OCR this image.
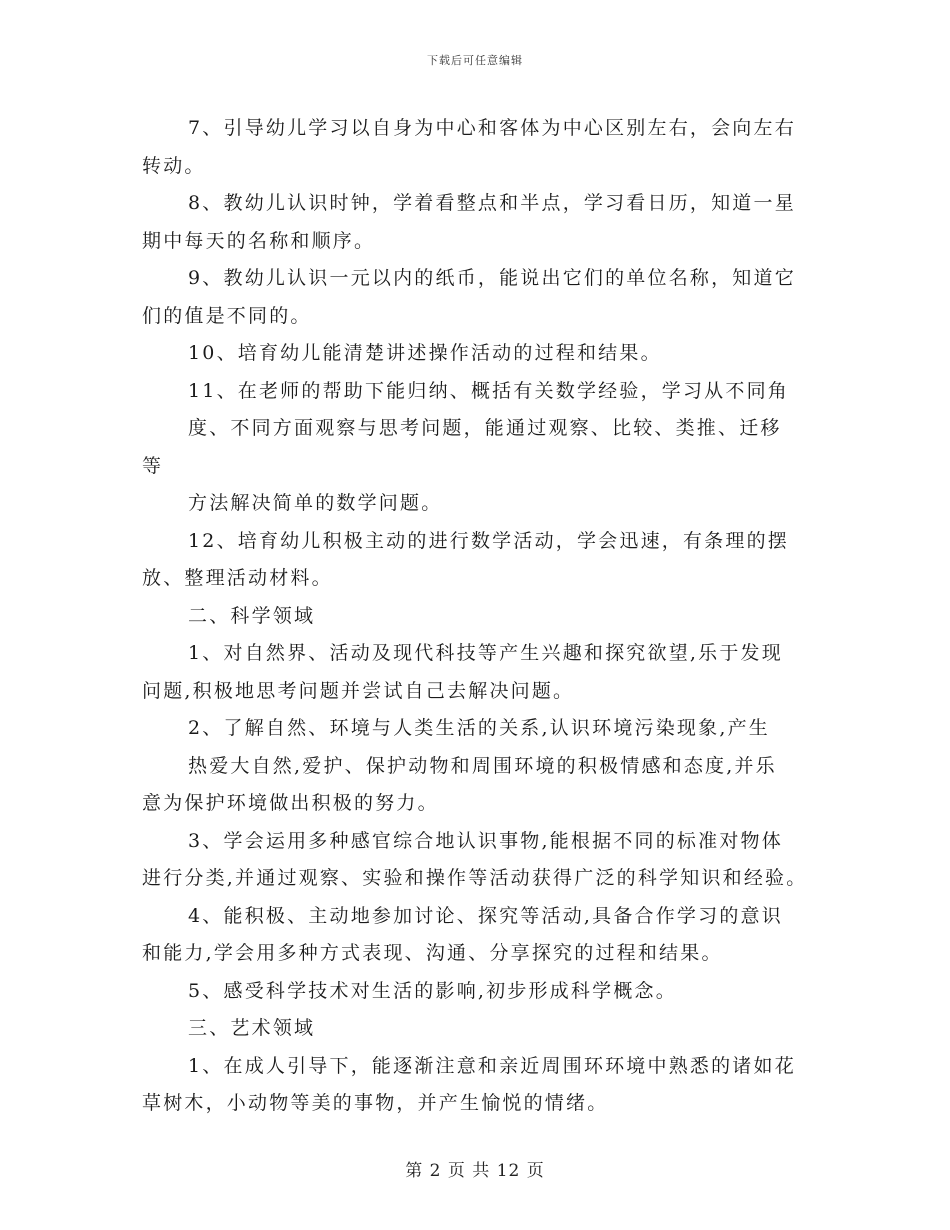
下载后可任意编辑
7、引导幼儿学习以自身为中心和客体为中心区别左右，会向左右
转动。
8、教幼儿认识时钟，学着看整点和半点，学习看日历，知道一星
期中每天的名称和顺序。
9、教幼儿认识一元以内的纸币，能说出它们的单位名称，知道它
们的值是不同的。
10、培育幼儿能清楚讲述操作活动的过程和结果。
11、在老师的帮助下能归纳、概括有关数学经验，学习从不同角
度、不同方面观察与思考问题，能通过观察、比较、类推、迁移
等
方法解决简单的数学问题。
12、培育幼儿积极主动的进行数学活动，学会迅速，有条理的摆
放、整理活动材料。
二、科学领域
1、对自然界、活动及现代科技等产生兴趣和探究欲望,乐于发现
问题,积极地思考问题并尝试自己去解决问题。
2、了解自然、环境与人类生活的关系,认识环境污染现象,产生
热爱大自然,爱护、保护动物和周围环境的积极情感和态度,并乐
意为保护环境做出积极的努力。
3、学会运用多种感官综合地认识事物,能根据不同的标准对物体
进行分类,并通过观察、实验和操作等活动获得广泛的科学知识和经验。
4、能积极、主动地参加讨论、探究等活动,具备合作学习的意识
和能力,学会用多种方式表现、沟通、分享探究的过程和结果。
5、感受科学技术对生活的影响,初步形成科学概念。
三、艺术领域
1、在成人引导下，能逐渐注意和亲近周围环环境中熟悉的诸如花
草树木，小动物等美的事物，并产生愉悦的情绪。
第 2 页 共 12 页
